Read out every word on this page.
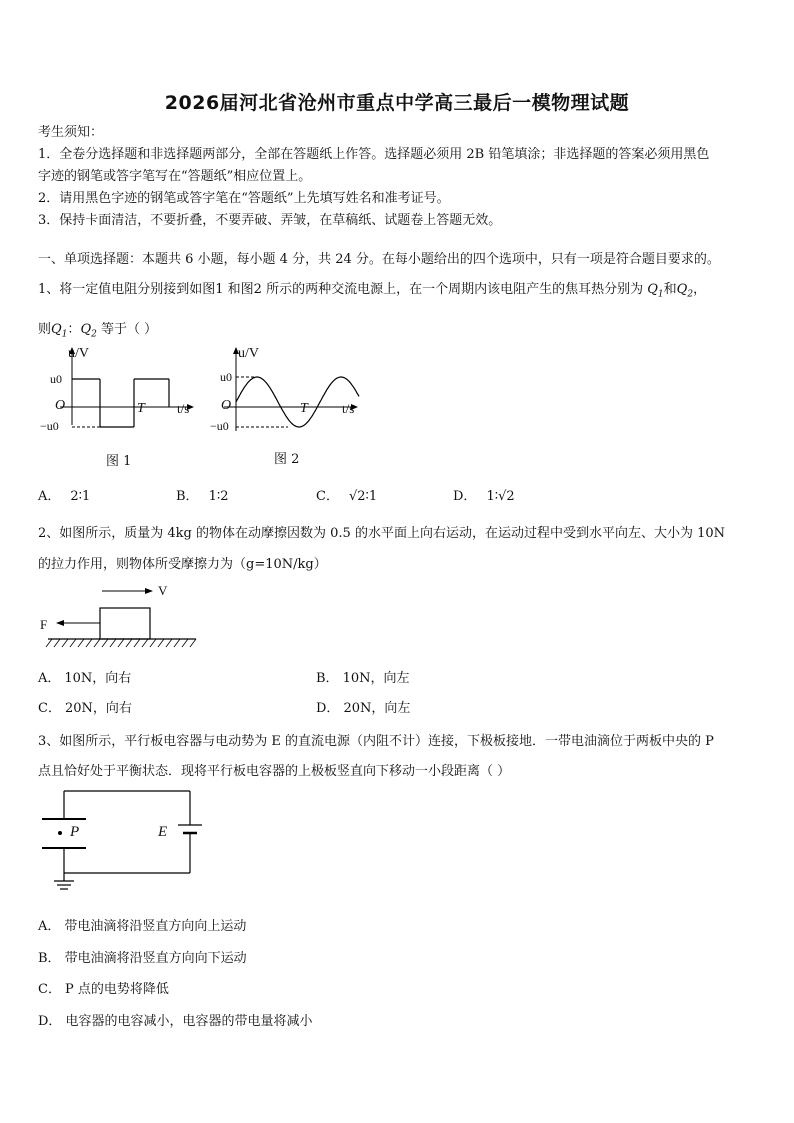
2026届河北省沧州市重点中学高三最后一模物理试题
考生须知：
1．全卷分选择题和非选择题两部分，全部在答题纸上作答。选择题必须用 2B 铅笔填涂；非选择题的答案必须用黑色
字迹的钢笔或答字笔写在“答题纸”相应位置上。
2．请用黑色字迹的钢笔或答字笔在“答题纸”上先填写姓名和准考证号。
3．保持卡面清洁，不要折叠，不要弄破、弄皱，在草稿纸、试题卷上答题无效。
一、单项选择题：本题共 6 小题，每小题 4 分，共 24 分。在每小题给出的四个选项中，只有一项是符合题目要求的。
1、将一定值电阻分别接到如图1 和图2 所示的两种交流电源上，在一个周期内该电阻产生的焦耳热分别为 $Q_1$和$Q_2$，
则$Q_1$：$Q_2$ 等于（ ）
u/V
u0
O	T t/s
−u0
图 1
u/V
u0
O	T	t/s
−u0
图 2
A． 2∶1	B． 1∶2	C． √2∶1	D． 1∶√2
2、如图所示，质量为 4kg 的物体在动摩擦因数为 0.5 的水平面上向右运动，在运动过程中受到水平向左、大小为 10N
的拉力作用，则物体所受摩擦力为（g=10N/kg）
V
F
A． 10N，向右	B． 10N，向左
C． 20N，向右	D． 20N，向左
3、如图所示，平行板电容器与电动势为 E 的直流电源（内阻不计）连接，下极板接地．一带电油滴位于两板中央的 P
点且恰好处于平衡状态．现将平行板电容器的上极板竖直向下移动一小段距离（ ）
P	E
A． 带电油滴将沿竖直方向向上运动
B． 带电油滴将沿竖直方向向下运动
C． P 点的电势将降低
D． 电容器的电容减小，电容器的带电量将减小
